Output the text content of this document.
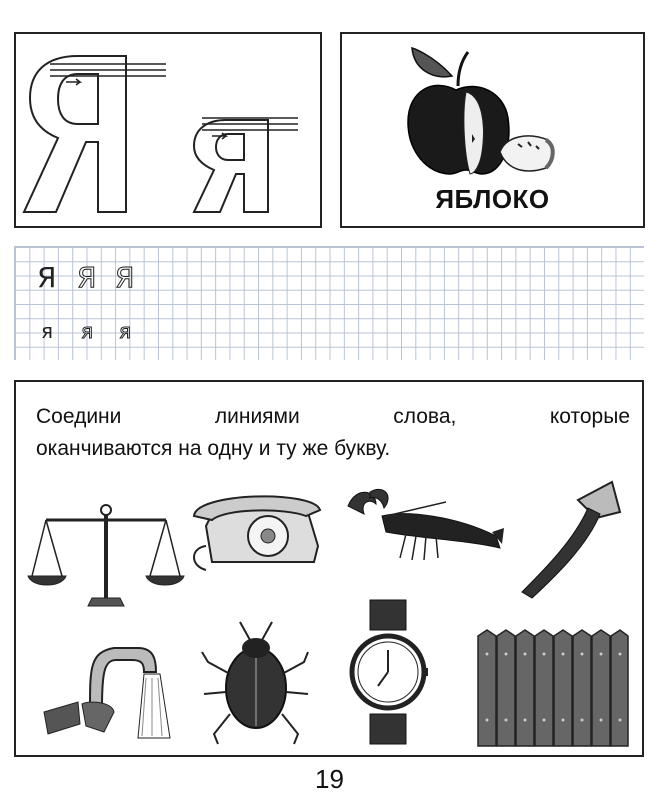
ЯБЛОКО
Я Я Я
я я я
Соедини	линиями	слова,	которые
оканчиваются на одну и ту же букву.
19
